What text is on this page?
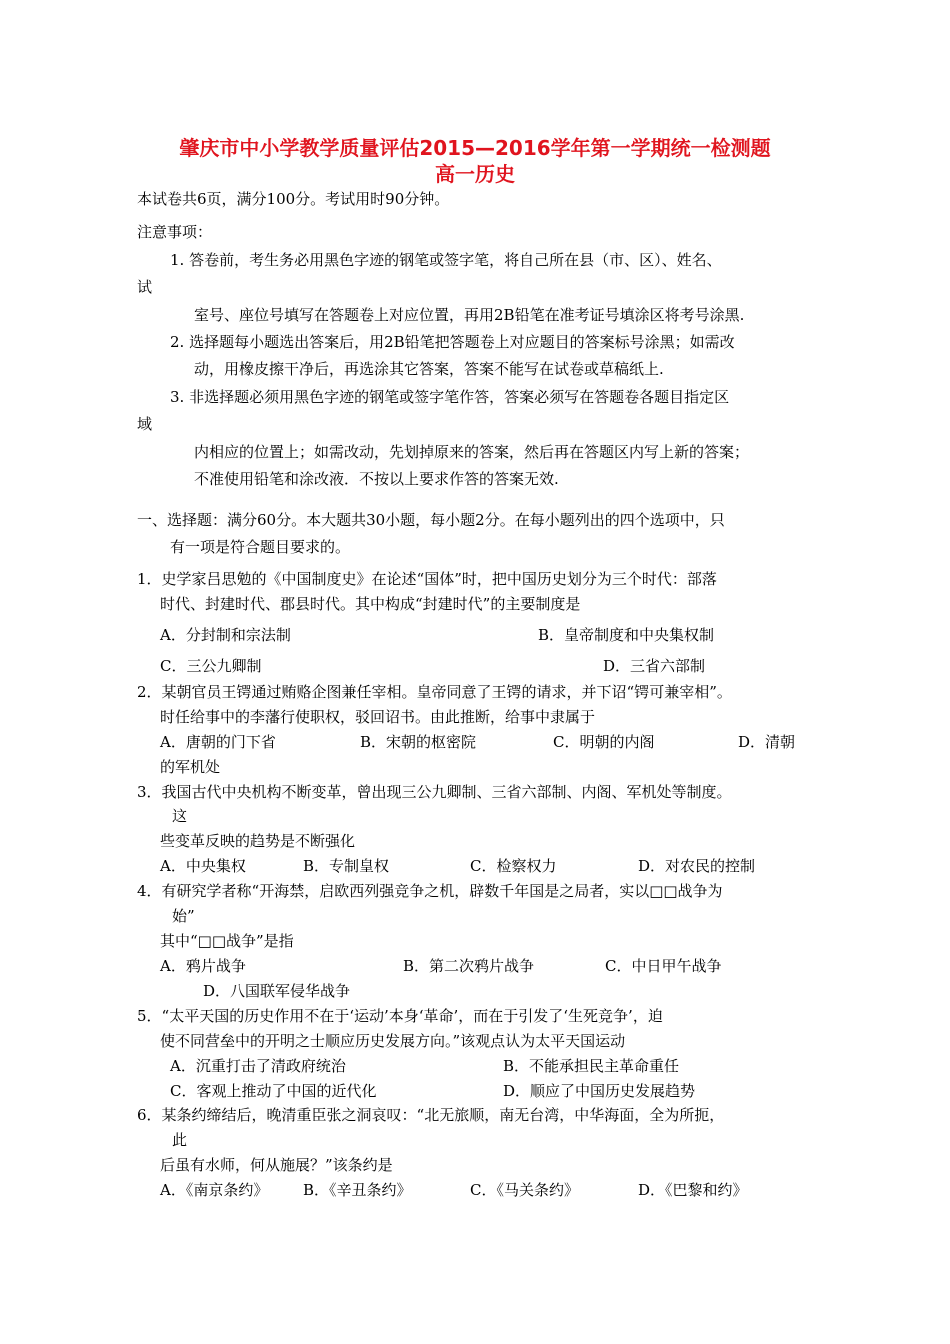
肇庆市中小学教学质量评估2015—2016学年第一学期统一检测题
高一历史
本试卷共6页，满分100分。考试用时90分钟。
注意事项：
1. 答卷前，考生务必用黑色字迹的钢笔或签字笔，将自己所在县（市、区）、姓名、
试
室号、座位号填写在答题卷上对应位置，再用2B铅笔在准考证号填涂区将考号涂黑.
2. 选择题每小题选出答案后，用2B铅笔把答题卷上对应题目的答案标号涂黑；如需改
动，用橡皮擦干净后，再选涂其它答案，答案不能写在试卷或草稿纸上.
3. 非选择题必须用黑色字迹的钢笔或签字笔作答，答案必须写在答题卷各题目指定区
域
内相应的位置上；如需改动，先划掉原来的答案，然后再在答题区内写上新的答案；
不准使用铅笔和涂改液．不按以上要求作答的答案无效.
一、选择题：满分60分。本大题共30小题，每小题2分。在每小题列出的四个选项中，只
有一项是符合题目要求的。
1．史学家吕思勉的《中国制度史》在论述“国体”时，把中国历史划分为三个时代：部落
时代、封建时代、郡县时代。其中构成“封建时代”的主要制度是
A．分封制和宗法制	B．皇帝制度和中央集权制
C．三公九卿制	D．三省六部制
2．某朝官员王锷通过贿赂企图兼任宰相。皇帝同意了王锷的请求，并下诏“锷可兼宰相”。
时任给事中的李藩行使职权，驳回诏书。由此推断，给事中隶属于
A．唐朝的门下省	B．宋朝的枢密院	C．明朝的内阁	D．清朝
的军机处
3．我国古代中央机构不断变革，曾出现三公九卿制、三省六部制、内阁、军机处等制度。
这
些变革反映的趋势是不断强化
A．中央集权	B．专制皇权	C．检察权力	D．对农民的控制
4．有研究学者称“开海禁，启欧西列强竞争之机，辟数千年国是之局者，实以□□战争为
始”
其中“□□战争”是指
A．鸦片战争	B．第二次鸦片战争	C．中日甲午战争
D．八国联军侵华战争
5．“太平天国的历史作用不在于‘运动’本身‘革命’，而在于引发了‘生死竞争’，迫
使不同营垒中的开明之士顺应历史发展方向。”该观点认为太平天国运动
A．沉重打击了清政府统治	B．不能承担民主革命重任
C．客观上推动了中国的近代化	D．顺应了中国历史发展趋势
6．某条约缔结后，晚清重臣张之洞哀叹：“北无旅顺，南无台湾，中华海面，全为所扼，
此
后虽有水师，何从施展？”该条约是
A．《南京条约》 B．《辛丑条约》	C．《马关条约》	D．《巴黎和约》
